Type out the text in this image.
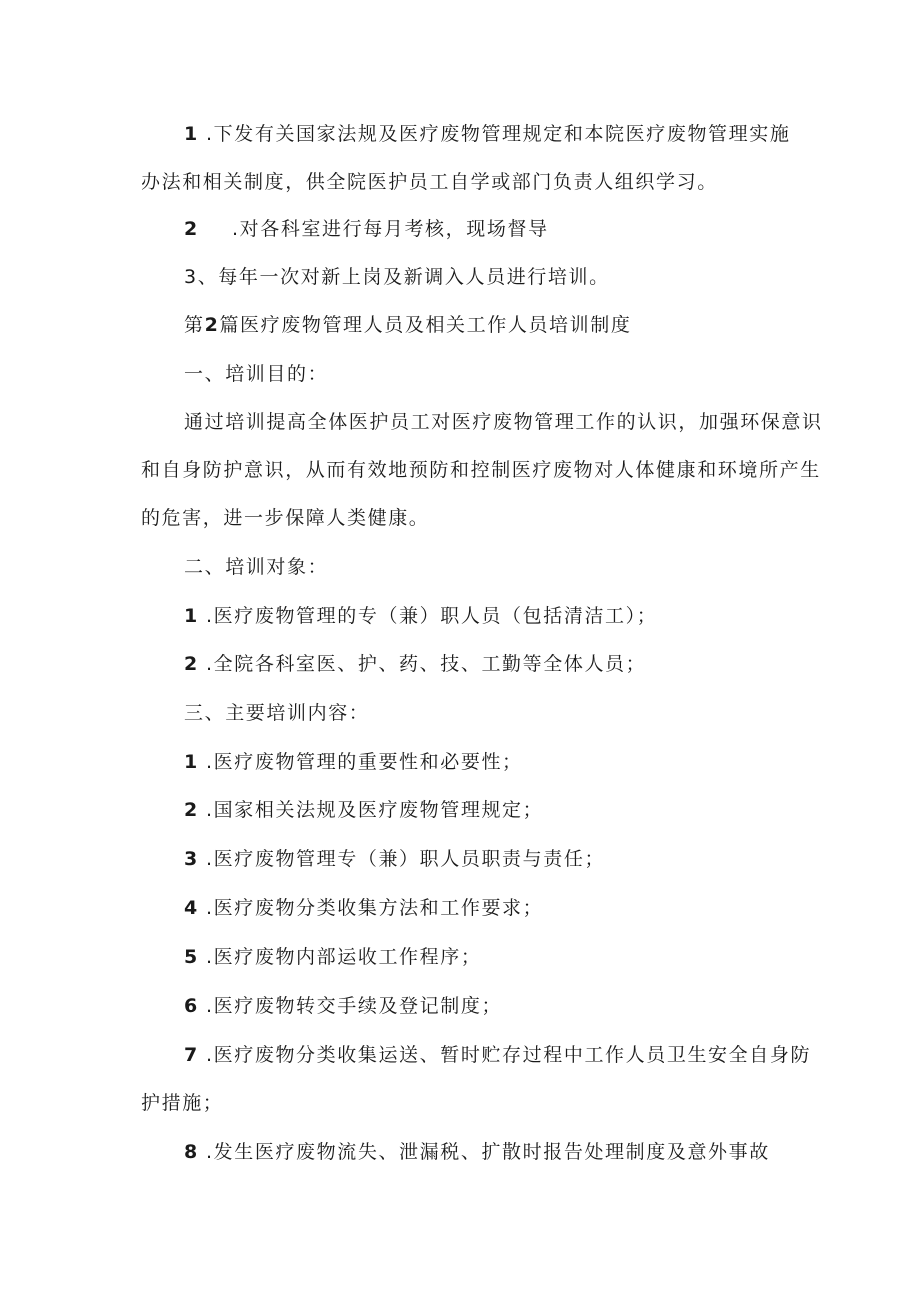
1 .下发有关国家法规及医疗废物管理规定和本院医疗废物管理实施
办法和相关制度，供全院医护员工自学或部门负责人组织学习。
2 .对各科室进行每月考核，现场督导
3、每年一次对新上岗及新调入人员进行培训。
第2篇医疗废物管理人员及相关工作人员培训制度
一、培训目的：
通过培训提高全体医护员工对医疗废物管理工作的认识，加强环保意识
和自身防护意识，从而有效地预防和控制医疗废物对人体健康和环境所产生
的危害，进一步保障人类健康。
二、培训对象：
1 .医疗废物管理的专（兼）职人员（包括清洁工）；
2 .全院各科室医、护、药、技、工勤等全体人员；
三、主要培训内容：
1 .医疗废物管理的重要性和必要性；
2 .国家相关法规及医疗废物管理规定；
3 .医疗废物管理专（兼）职人员职责与责任；
4 .医疗废物分类收集方法和工作要求；
5 .医疗废物内部运收工作程序；
6 .医疗废物转交手续及登记制度；
7 .医疗废物分类收集运送、暂时贮存过程中工作人员卫生安全自身防
护措施；
8 .发生医疗废物流失、泄漏税、扩散时报告处理制度及意外事故
